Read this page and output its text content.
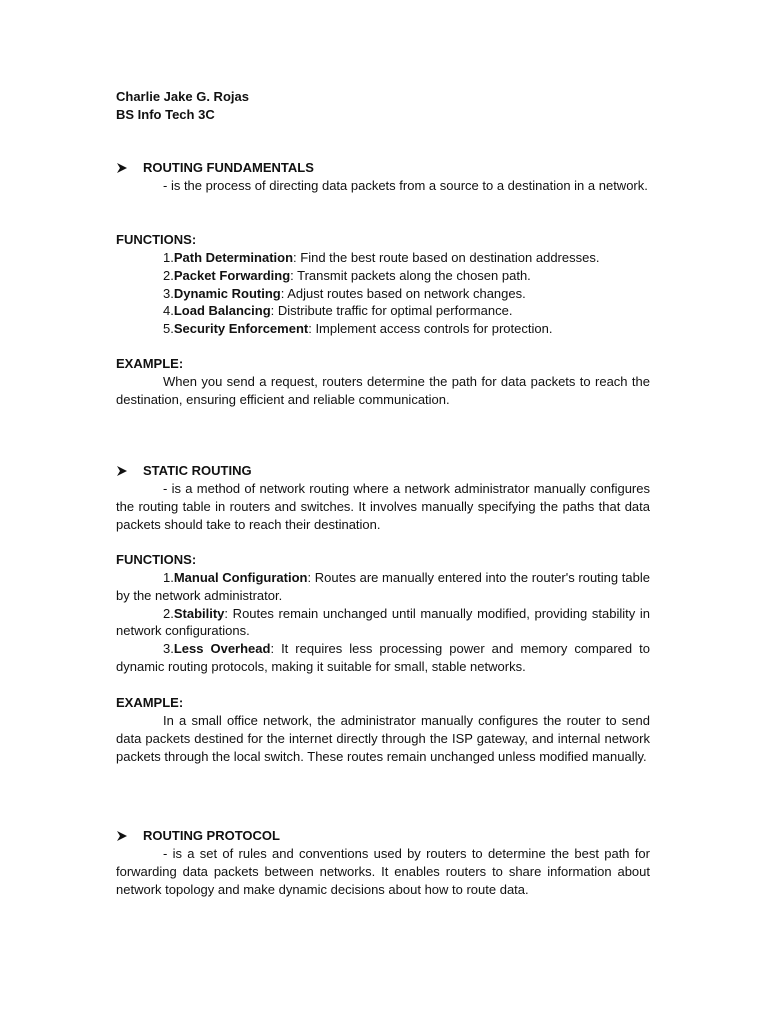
Charlie Jake G. Rojas
BS Info Tech 3C
ROUTING FUNDAMENTALS

- is the process of directing data packets from a source to a destination in a network.

FUNCTIONS:
1.Path Determination: Find the best route based on destination addresses.
2.Packet Forwarding: Transmit packets along the chosen path.
3.Dynamic Routing: Adjust routes based on network changes.
4.Load Balancing: Distribute traffic for optimal performance.
5.Security Enforcement: Implement access controls for protection.
EXAMPLE:

When you send a request, routers determine the path for data packets to reach the destination, ensuring efficient and reliable communication.

STATIC ROUTING

- is a method of network routing where a network administrator manually configures the routing table in routers and switches. It involves manually specifying the paths that data packets should take to reach their destination.

FUNCTIONS:
1.Manual Configuration: Routes are manually entered into the router's routing table by the network administrator.
2.Stability: Routes remain unchanged until manually modified, providing stability in network configurations.
3.Less Overhead: It requires less processing power and memory compared to dynamic routing protocols, making it suitable for small, stable networks.
EXAMPLE:

In a small office network, the administrator manually configures the router to send data packets destined for the internet directly through the ISP gateway, and internal network packets through the local switch. These routes remain unchanged unless modified manually.

ROUTING PROTOCOL

- is a set of rules and conventions used by routers to determine the best path for forwarding data packets between networks. It enables routers to share information about network topology and make dynamic decisions about how to route data.
